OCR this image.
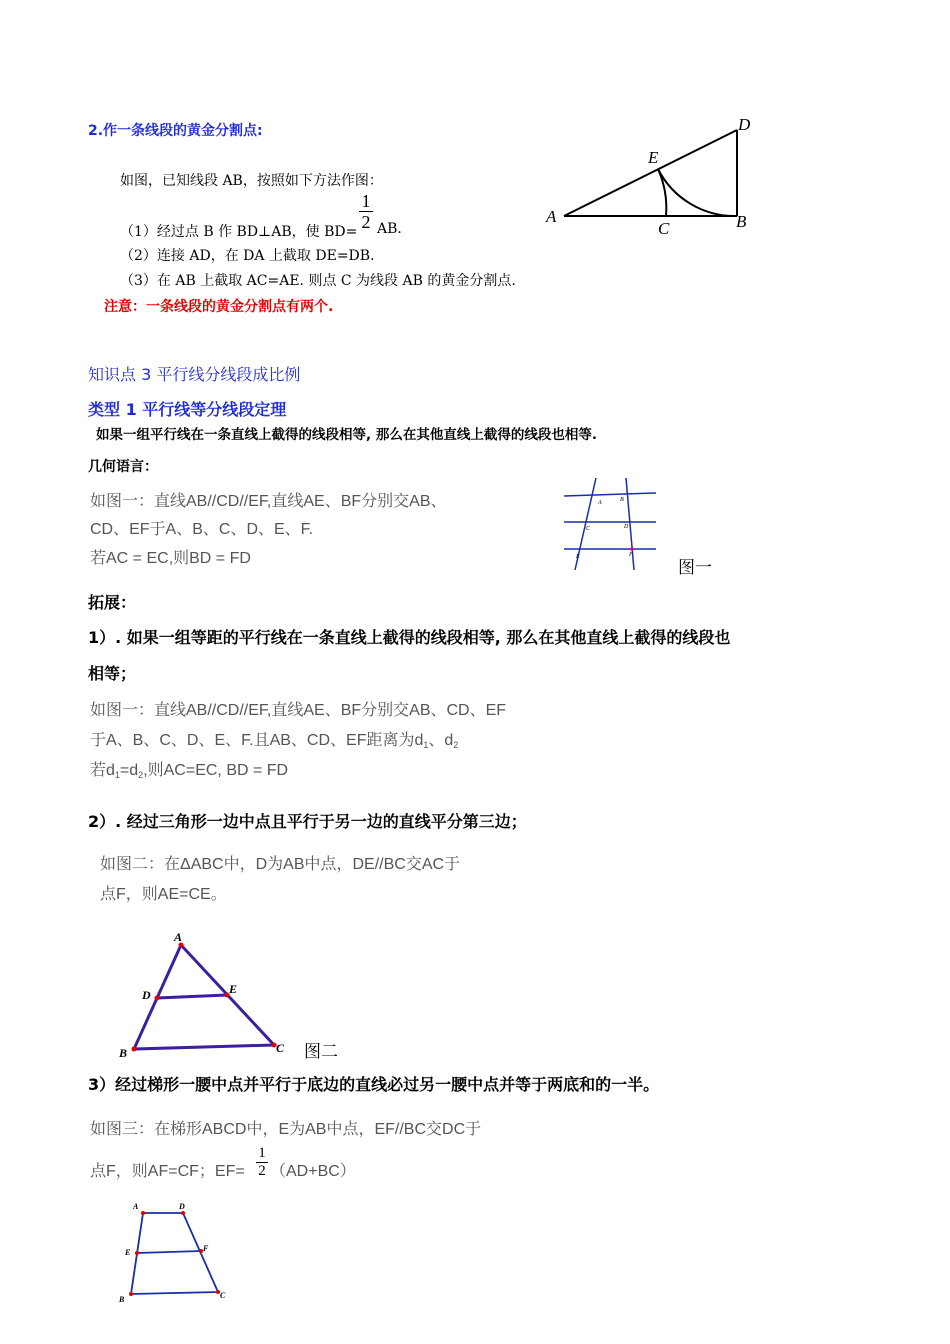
2.作一条线段的黄金分割点:
如图，已知线段 AB，按照如下方法作图：
（1）经过点 B 作 BD⊥AB，使 BD=
1
2 AB.
（2）连接 AD，在 DA 上截取 DE=DB.
（3）在 AB 上截取 AC=AE. 则点 C 为线段 AB 的黄金分割点.
注意：一条线段的黄金分割点有两个.
A	B
C
D
E
知识点 3 平行线分线段成比例
类型 1 平行线等分线段定理
如果一组平行线在一条直线上截得的线段相等, 那么在其他直线上截得的线段也相等.
几何语言：
如图一：直线AB//CD//EF,直线AE、BF分别交AB、
CD、EF于A、B、C、D、E、F.
若AC = EC,则BD = FD
A	B
C	D
E	F
图一
拓展：
1）. 如果一组等距的平行线在一条直线上截得的线段相等, 那么在其他直线上截得的线段也
相等；
如图一：直线AB//CD//EF,直线AE、BF分别交AB、CD、EF
于A、B、C、D、E、F.且AB、CD、EF距离为$d_1$、$d_2$
若$d_1=d_2$,则AC=EC, BD = FD
2）. 经过三角形一边中点且平行于另一边的直线平分第三边；
如图二：在ΔABC中，D为AB中点，DE//BC交AC于
点F，则AE=CE。
A
B	C
D	E
图二
3）经过梯形一腰中点并平行于底边的直线必过另一腰中点并等于两底和的一半。
如图三：在梯形ABCD中，E为AB中点，EF//BC交DC于
点F，则AF=CF；EF=
1
2 （AD+BC）
A	D
E	F
B	C
